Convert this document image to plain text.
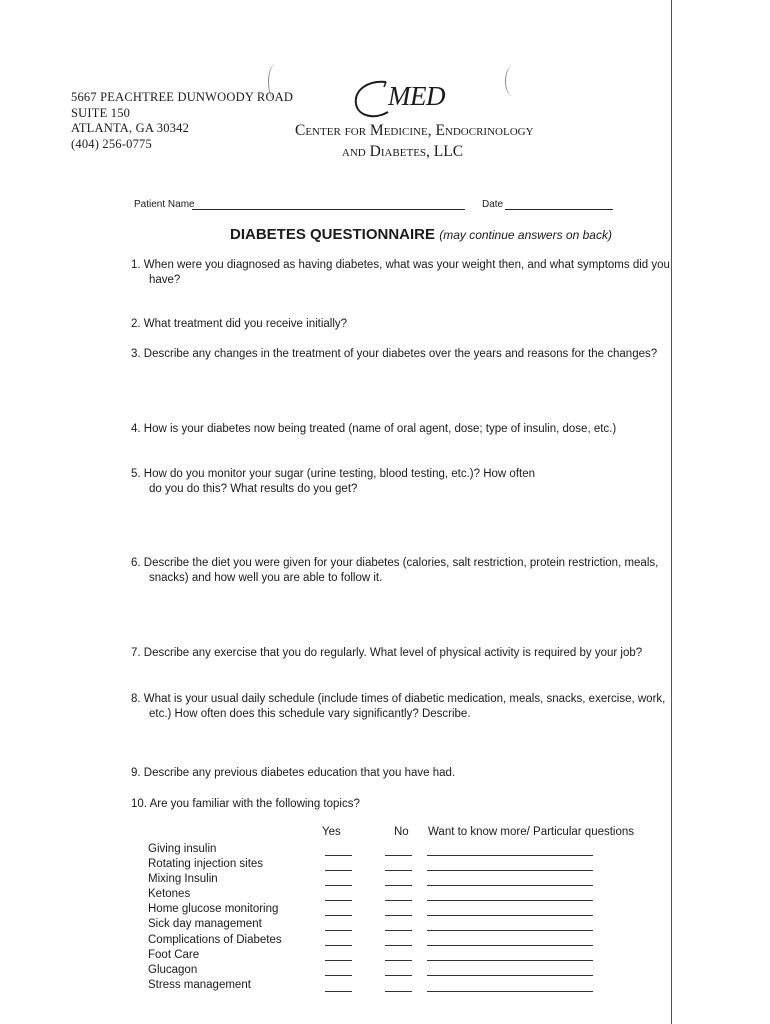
5667 PEACHTREE DUNWOODY ROAD
SUITE 150
ATLANTA, GA 30342
(404) 256-0775
MED
Center for Medicine, Endocrinology
and Diabetes, LLC
Patient Name	Date
DIABETES QUESTIONNAIRE (may continue answers on back)
1. When were you diagnosed as having diabetes, what was your weight then, and what symptoms did you
have?
2. What treatment did you receive initially?
3. Describe any changes in the treatment of your diabetes over the years and reasons for the changes?
4. How is your diabetes now being treated (name of oral agent, dose; type of insulin, dose, etc.)
5. How do you monitor your sugar (urine testing, blood testing, etc.)? How often
do you do this? What results do you get?
6. Describe the diet you were given for your diabetes (calories, salt restriction, protein restriction, meals,
snacks) and how well you are able to follow it.
7. Describe any exercise that you do regularly. What level of physical activity is required by your job?
8. What is your usual daily schedule (include times of diabetic medication, meals, snacks, exercise, work,
etc.) How often does this schedule vary significantly? Describe.
9. Describe any previous diabetes education that you have had.
10. Are you familiar with the following topics?
Yes	No Want to know more/ Particular questions
Giving insulin
Rotating injection sites
Mixing Insulin
Ketones
Home glucose monitoring
Sick day management
Complications of Diabetes
Foot Care
Glucagon
Stress management
